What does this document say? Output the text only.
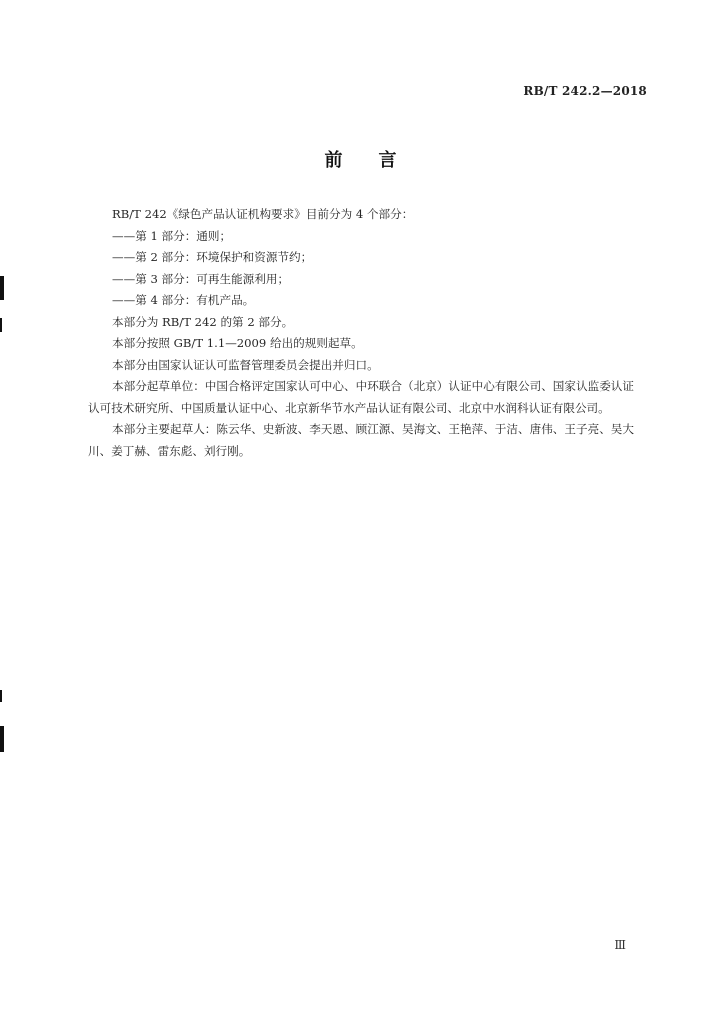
RB/T 242.2—2018
前言

RB/T 242《绿色产品认证机构要求》目前分为 4 个部分：

——第 1 部分：通则；

——第 2 部分：环境保护和资源节约；

——第 3 部分：可再生能源利用；

——第 4 部分：有机产品。

本部分为 RB/T 242 的第 2 部分。

本部分按照 GB/T 1.1—2009 给出的规则起草。

本部分由国家认证认可监督管理委员会提出并归口。

本部分起草单位：中国合格评定国家认可中心、中环联合（北京）认证中心有限公司、国家认监委认证认可技术研究所、中国质量认证中心、北京新华节水产品认证有限公司、北京中水润科认证有限公司。

本部分主要起草人：陈云华、史新波、李天恩、顾江源、吴海文、王艳萍、于洁、唐伟、王子亮、吴大川、姜丁赫、雷东彪、刘行刚。

Ⅲ
